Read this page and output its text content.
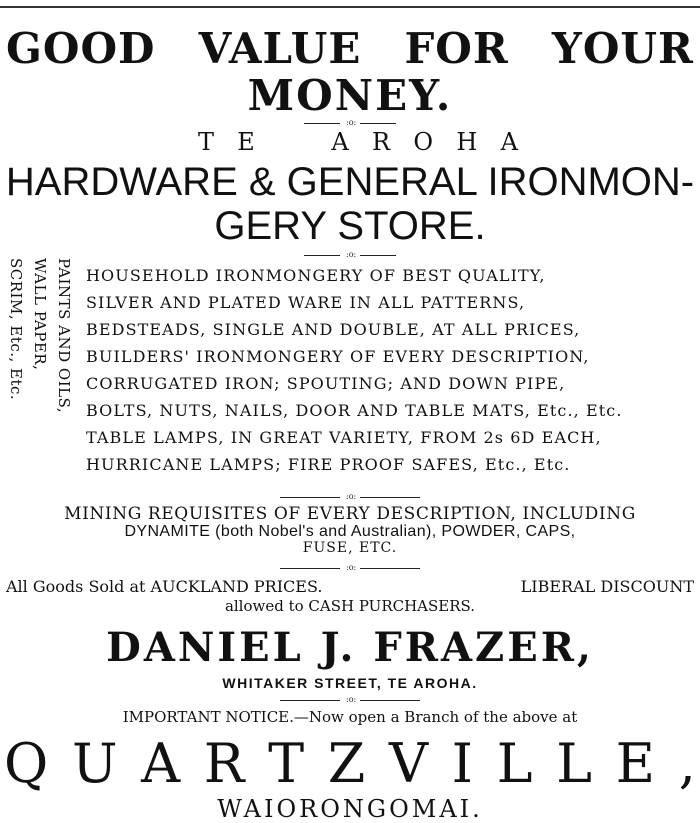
GOOD VALUE FOR YOUR
MONEY.
:o:
T E	A R O H A
HARDWARE & GENERAL IRONMON-
GERY STORE.
:o:
PAINTS AND OILS,
WALL PAPER,
SCRIM, Etc., Etc.	HOUSEHOLD IRONMONGERY OF BEST QUALITY,
SILVER AND PLATED WARE IN ALL PATTERNS,
BEDSTEADS, SINGLE AND DOUBLE, AT ALL PRICES,
BUILDERS' IRONMONGERY OF EVERY DESCRIPTION,
CORRUGATED IRON; SPOUTING; AND DOWN PIPE,
BOLTS, NUTS, NAILS, DOOR AND TABLE MATS, Etc., Etc.
TABLE LAMPS, IN GREAT VARIETY, FROM 2s 6D EACH,
HURRICANE LAMPS; FIRE PROOF SAFES, Etc., Etc.
:o:
MINING REQUISITES OF EVERY DESCRIPTION, INCLUDING
DYNAMITE (both Nobel's and Australian), POWDER, CAPS,
FUSE, ETC.
:o:
All Goods Sold at AUCKLAND PRICES.	LIBERAL DISCOUNT
allowed to CASH PURCHASERS.
DANIEL J. FRAZER,
WHITAKER STREET, TE AROHA.
:o:
IMPORTANT NOTICE.—Now open a Branch of the above at
Q U A R T Z V I L L E ,
WAIORONGOMAI.
